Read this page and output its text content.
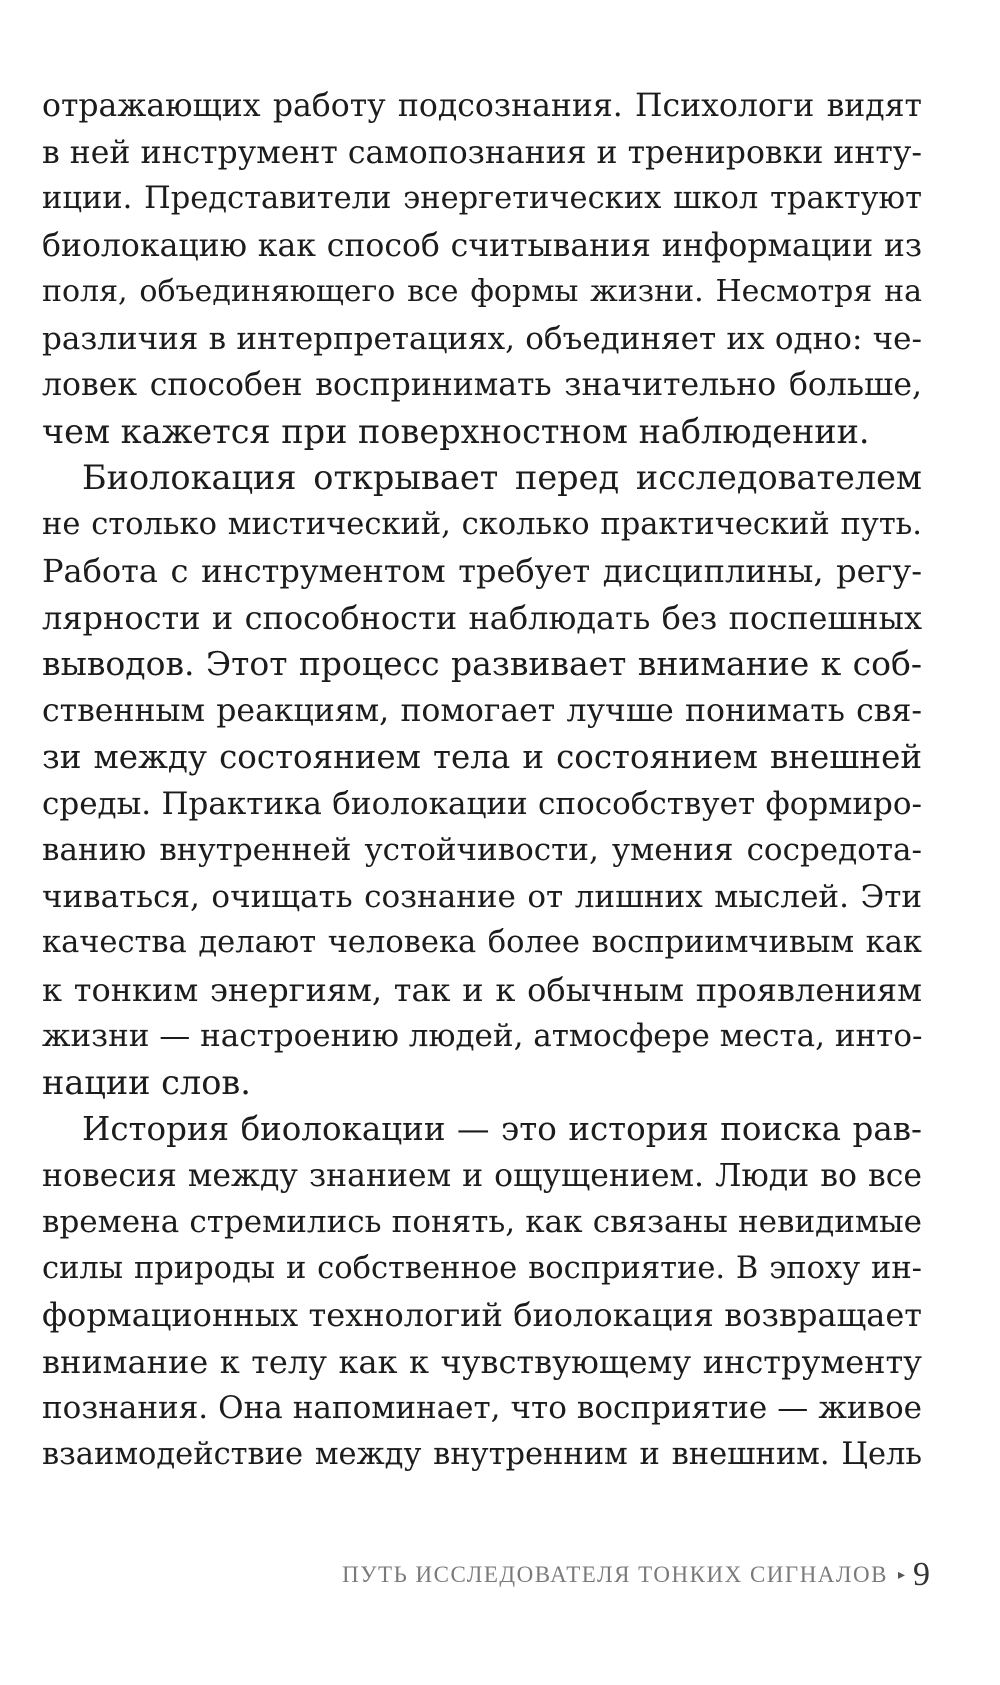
отражающих работу подсознания. Психологи видят
в ней инструмент самопознания и тренировки инту-
иции. Представители энергетических школ трактуют
биолокацию как способ считывания информации из
поля, объединяющего все формы жизни. Несмотря на
различия в интерпретациях, объединяет их одно: че-
ловек способен воспринимать значительно больше,
чем кажется при поверхностном наблюдении.
Биолокация открывает перед исследователем
не столько мистический, сколько практический путь.
Работа с инструментом требует дисциплины, регу-
лярности и способности наблюдать без поспешных
выводов. Этот процесс развивает внимание к соб-
ственным реакциям, помогает лучше понимать свя-
зи между состоянием тела и состоянием внешней
среды. Практика биолокации способствует формиро-
ванию внутренней устойчивости, умения сосредота-
чиваться, очищать сознание от лишних мыслей. Эти
качества делают человека более восприимчивым как
к тонким энергиям, так и к обычным проявлениям
жизни — настроению людей, атмосфере места, инто-
нации слов.
История биолокации — это история поиска рав-
новесия между знанием и ощущением. Люди во все
времена стремились понять, как связаны невидимые
силы природы и собственное восприятие. В эпоху ин-
формационных технологий биолокация возвращает
внимание к телу как к чувствующему инструменту
познания. Она напоминает, что восприятие — живое
взаимодействие между внутренним и внешним. Цель
ПУТЬ ИССЛЕДОВАТЕЛЯ ТОНКИХ СИГНАЛОВ ▸ 9
